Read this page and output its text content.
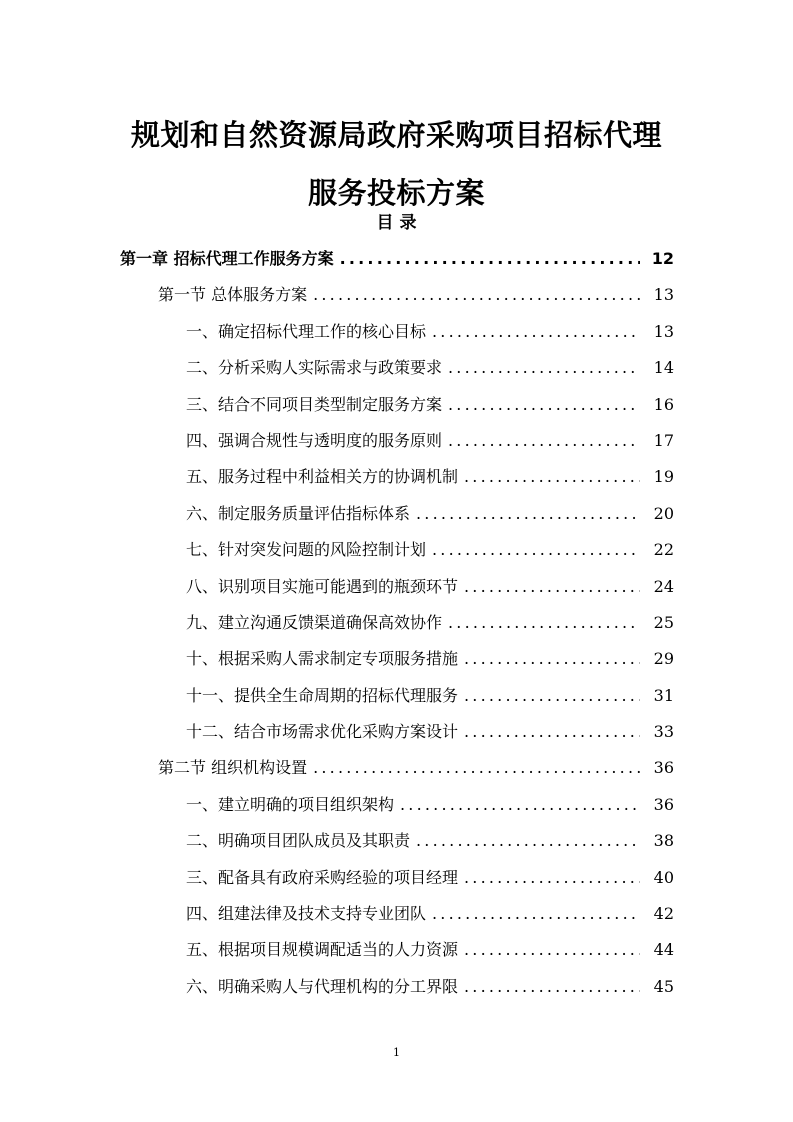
规划和自然资源局政府采购项目招标代理
服务投标方案
目 录
第一章 招标代理工作服务方案 .....	12
第一节 总体服务方案 .....	13
一、确定招标代理工作的核心目标 .....	13
二、分析采购人实际需求与政策要求 .....	14
三、结合不同项目类型制定服务方案 .....	16
四、强调合规性与透明度的服务原则 .....	17
五、服务过程中利益相关方的协调机制 .....	19
六、制定服务质量评估指标体系 .....	20
七、针对突发问题的风险控制计划 .....	22
八、识别项目实施可能遇到的瓶颈环节 .....	24
九、建立沟通反馈渠道确保高效协作 .....	25
十、根据采购人需求制定专项服务措施 .....	29
十一、提供全生命周期的招标代理服务 .....	31
十二、结合市场需求优化采购方案设计 .....	33
第二节 组织机构设置 .....	36
一、建立明确的项目组织架构 .....	36
二、明确项目团队成员及其职责 .....	38
三、配备具有政府采购经验的项目经理 .....	40
四、组建法律及技术支持专业团队 .....	42
五、根据项目规模调配适当的人力资源 .....	44
六、明确采购人与代理机构的分工界限 .....	45
1
